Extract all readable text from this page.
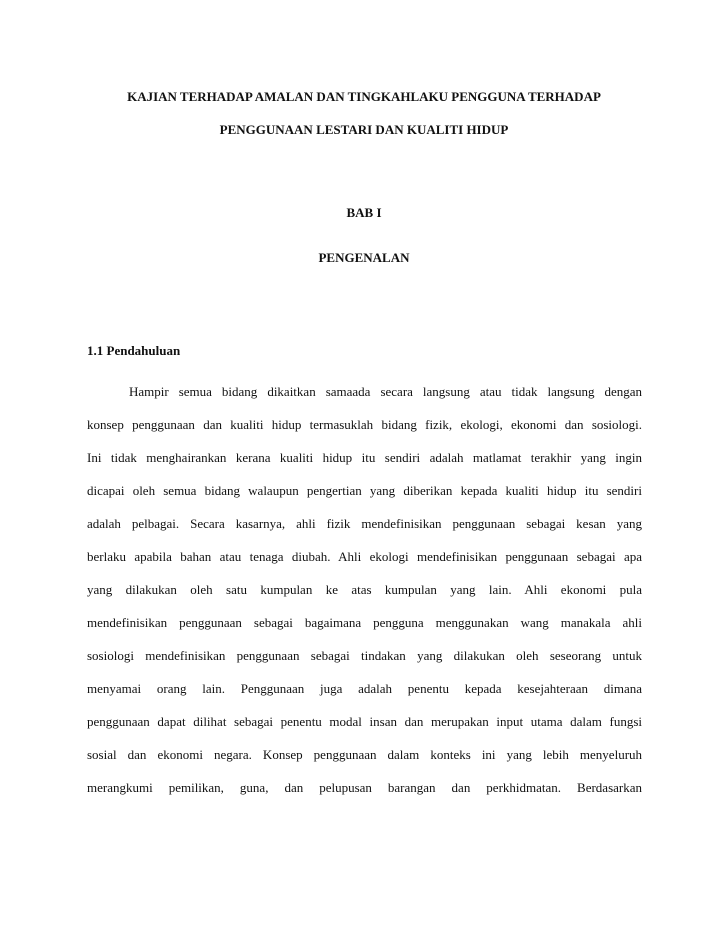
KAJIAN TERHADAP AMALAN DAN TINGKAHLAKU PENGGUNA TERHADAP

PENGGUNAAN LESTARI DAN KUALITI HIDUP

BAB I

PENGENALAN

1.1 Pendahuluan

Hampir semua bidang dikaitkan samaada secara langsung atau tidak langsung dengan
konsep penggunaan dan kualiti hidup termasuklah bidang fizik, ekologi, ekonomi dan sosiologi.
Ini tidak menghairankan kerana kualiti hidup itu sendiri adalah matlamat terakhir yang ingin
dicapai oleh semua bidang walaupun pengertian yang diberikan kepada kualiti hidup itu sendiri
adalah pelbagai. Secara kasarnya, ahli fizik mendefinisikan penggunaan sebagai kesan yang
berlaku apabila bahan atau tenaga diubah. Ahli ekologi mendefinisikan penggunaan sebagai apa
yang dilakukan oleh satu kumpulan ke atas kumpulan yang lain. Ahli ekonomi pula
mendefinisikan penggunaan sebagai bagaimana pengguna menggunakan wang manakala ahli
sosiologi mendefinisikan penggunaan sebagai tindakan yang dilakukan oleh seseorang untuk
menyamai orang lain. Penggunaan juga adalah penentu kepada kesejahteraan dimana
penggunaan dapat dilihat sebagai penentu modal insan dan merupakan input utama dalam fungsi
sosial dan ekonomi negara. Konsep penggunaan dalam konteks ini yang lebih menyeluruh
merangkumi pemilikan, guna, dan pelupusan barangan dan perkhidmatan. Berdasarkan
